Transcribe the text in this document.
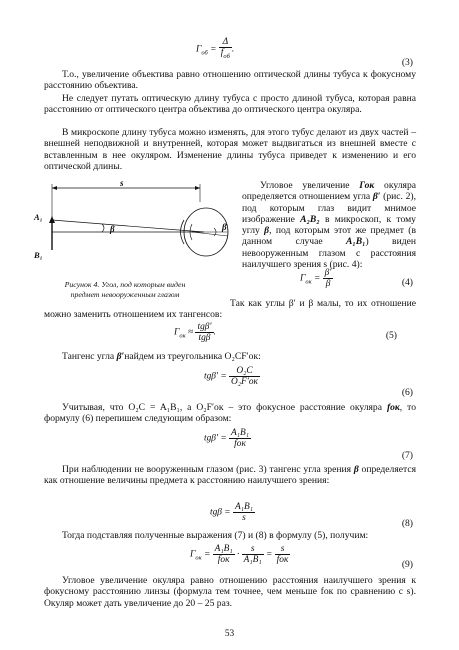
$\Gamma_{об} = \frac{\Delta}{f_{об}}$ .
(3)

Т.о., увеличение объектива равно отношению оптической длины тубуса к фокусному расстоянию объектива.

Не следует путать оптическую длину тубуса с просто длиной тубуса, которая равна расстоянию от оптического центра объектива до оптического центра окуляра.

В микроскопе длину тубуса можно изменять, для этого тубус делают из двух частей – внешней неподвижной и внутренней, которая может выдвигаться из внешней вместе с вставленным в нее окуляром. Изменение длины тубуса приведет к изменению и его оптической длины.

s
A₁
B₁
β	β
Рисунок 4. Угол, под которым виден предмет невооруженным глазом

Угловое увеличение Гок окуляра определяется отношением угла β′ (рис. 2), под которым глаз видит мнимое изображение A₂B₂ в микроскоп, к тому углу β, под которым этот же предмет (в данном случае A₁B₁) виден невооруженным глазом с расстояния наилучшего зрения s (рис. 4):

$\Gamma_{ок} = \frac{\beta'}{\beta}$	(4)

Так как углы β′ и β малы, то их отношение можно заменить отношением их тангенсов:

$\Gamma_{ок} \approx \frac{\text{tgβ′}}{\text{tgβ}}$ .	(5)

Тангенс угла β′найдем из треугольника O₂CF′ок:

$tg\beta' = \frac{\text{O₂C}}{\text{O₂F′ок}}$
(6)

Учитывая, что O₂C = A₁B₁, а O₂F′ок – это фокусное расстояние окуляра fок, то формулу (6) перепишем следующим образом:

$tg\beta' = \frac{\text{A₁B₁}}{\text{fок}}$
(7)

При наблюдении не вооруженным глазом (рис. 3) тангенс угла зрения β определяется как отношение величины предмета к расстоянию наилучшего зрения:

$tg\beta = \frac{\text{A₁B₁}}{s}$
(8)

Тогда подставляя полученные выражения (7) и (8) в формулу (5), получим:

$\Gamma_{ок} = \frac{\text{A₁B₁}}{\text{fок}} \cdot \frac{s}{\text{A₁B₁}} = \frac{s}{\text{fок}}$	(9)

Угловое увеличение окуляра равно отношению расстояния наилучшего зрения к фокусному расстоянию линзы (формула тем точнее, чем меньше fок по сравнению с s). Окуляр может дать увеличение до 20 – 25 раз.

53
